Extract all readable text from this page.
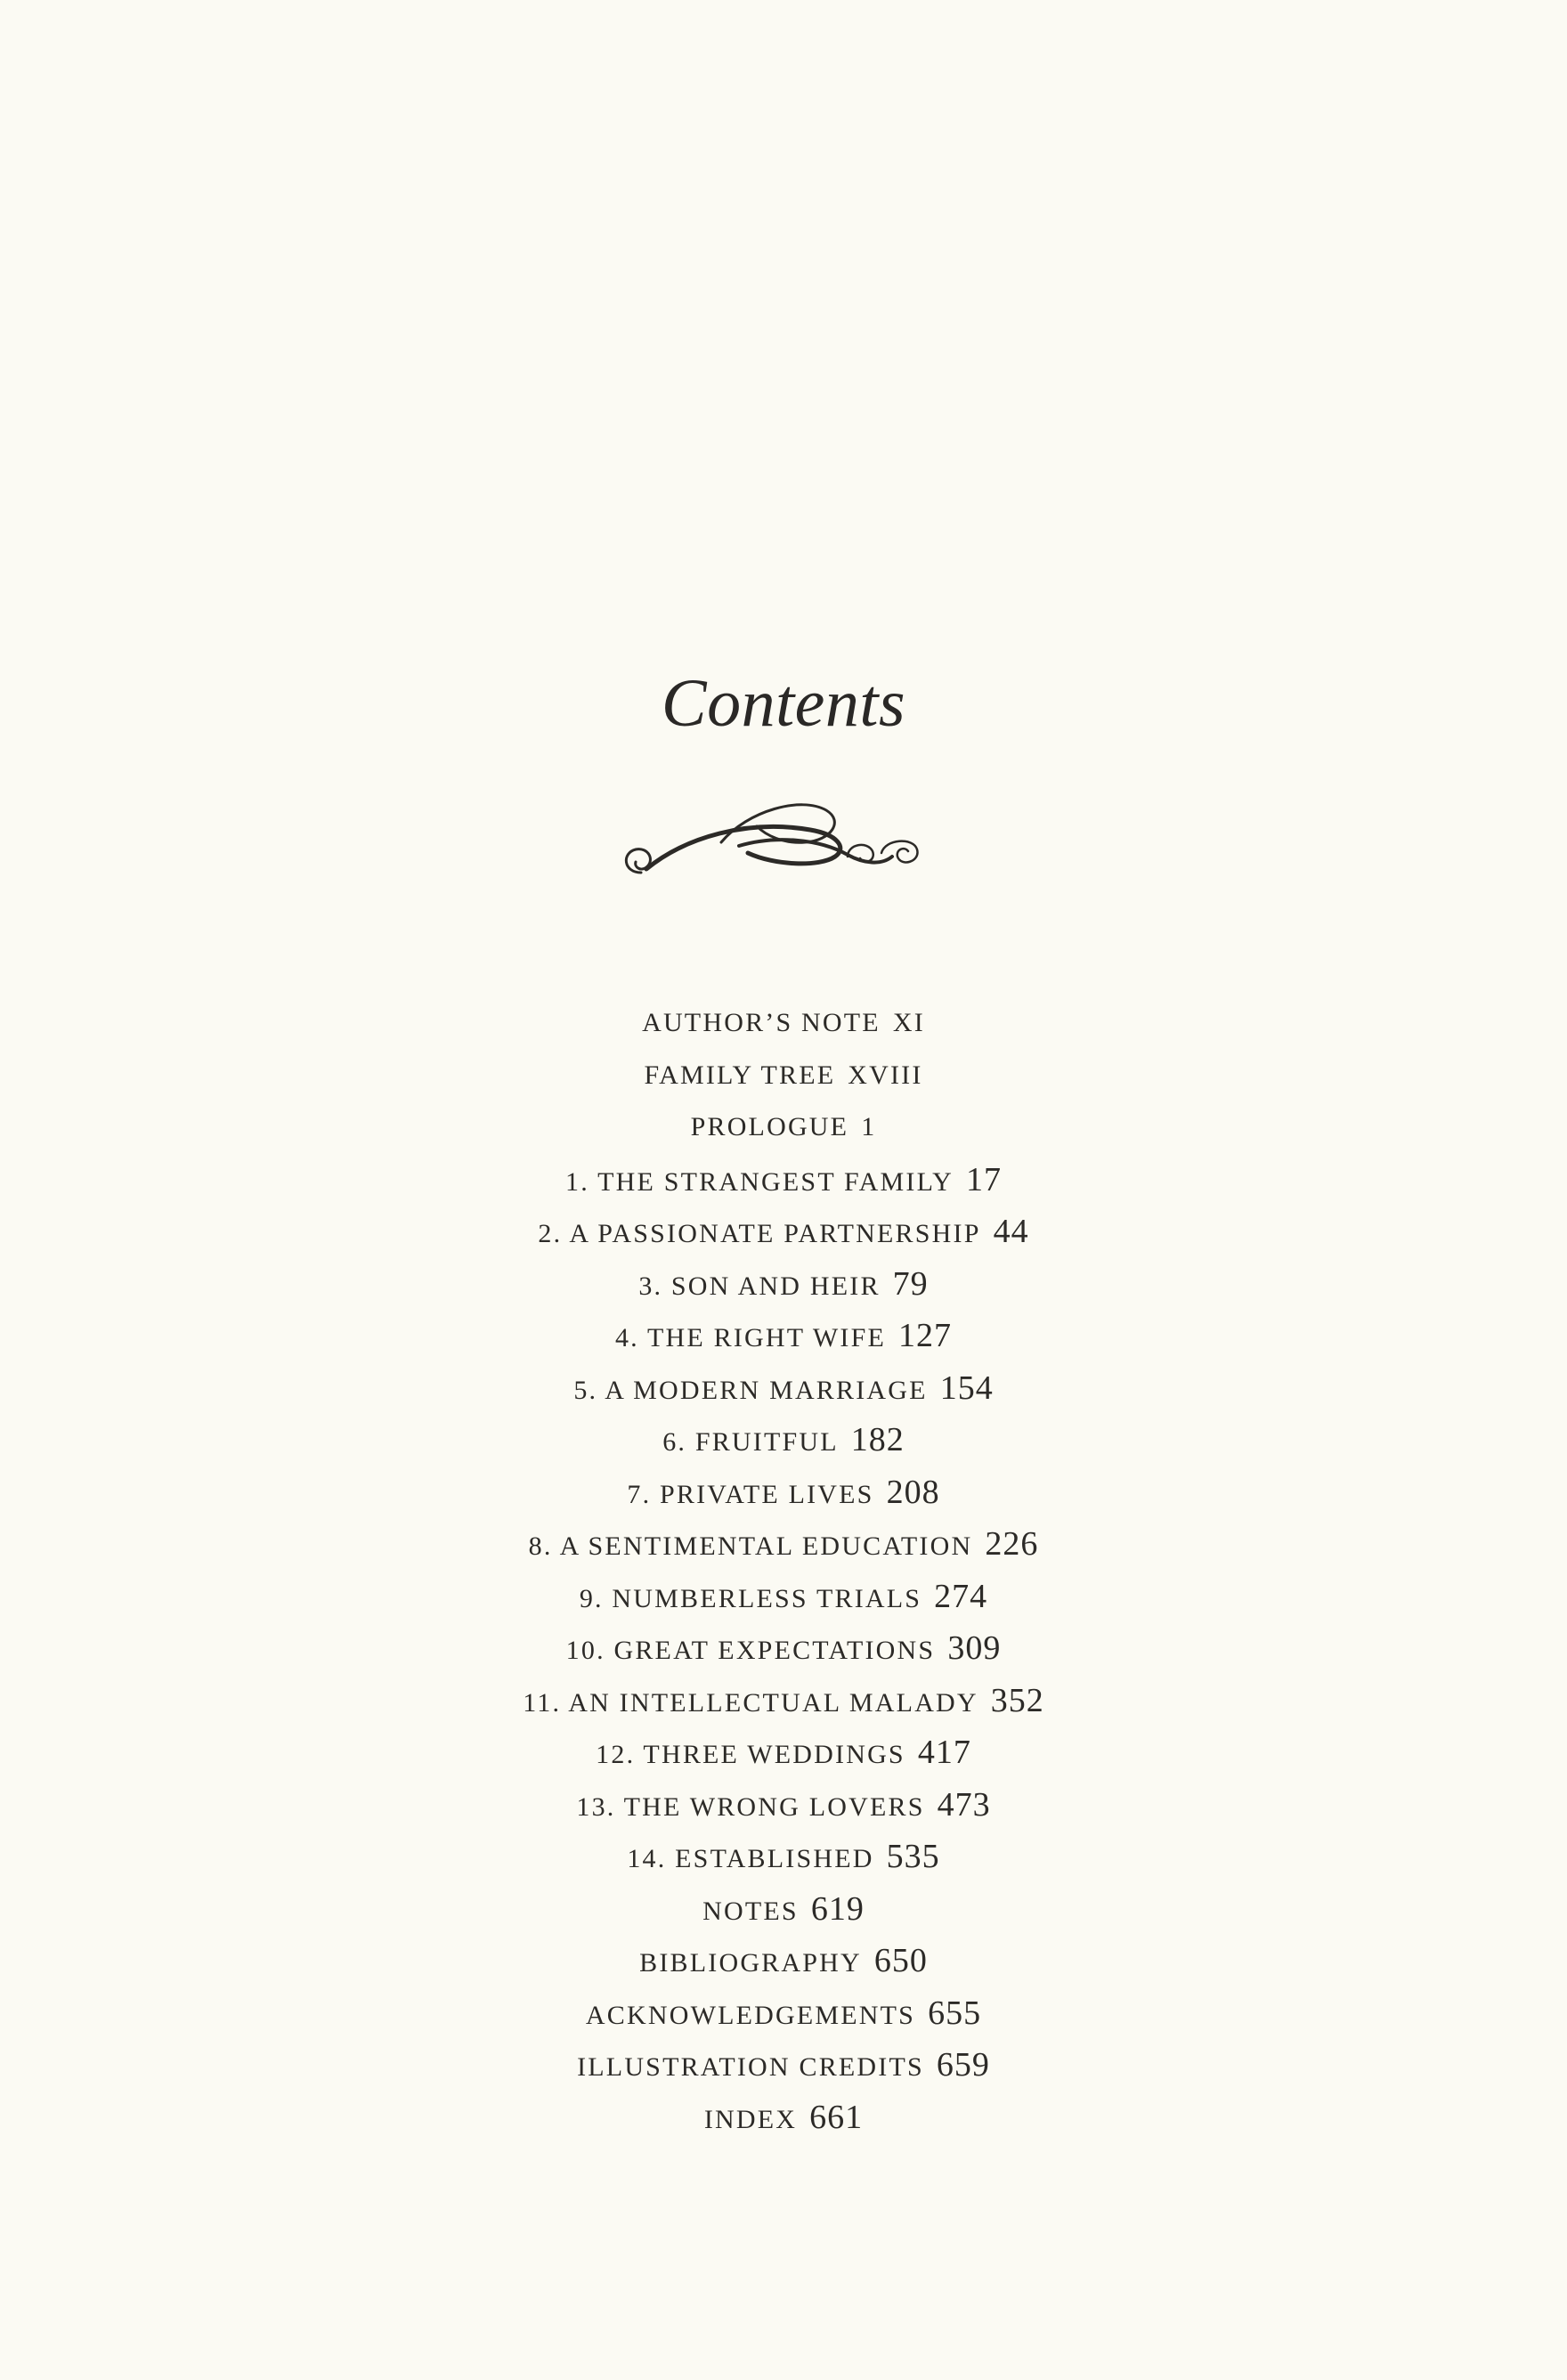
Contents
AUTHOR’S NOTE XI
FAMILY TREE XVIII
PROLOGUE 1
1. THE STRANGEST FAMILY 17
2. A PASSIONATE PARTNERSHIP 44
3. SON AND HEIR 79
4. THE RIGHT WIFE 127
5. A MODERN MARRIAGE 154
6. FRUITFUL 182
7. PRIVATE LIVES 208
8. A SENTIMENTAL EDUCATION 226
9. NUMBERLESS TRIALS 274
10. GREAT EXPECTATIONS 309
11. AN INTELLECTUAL MALADY 352
12. THREE WEDDINGS 417
13. THE WRONG LOVERS 473
14. ESTABLISHED 535
NOTES 619
BIBLIOGRAPHY 650
ACKNOWLEDGEMENTS 655
ILLUSTRATION CREDITS 659
INDEX 661
